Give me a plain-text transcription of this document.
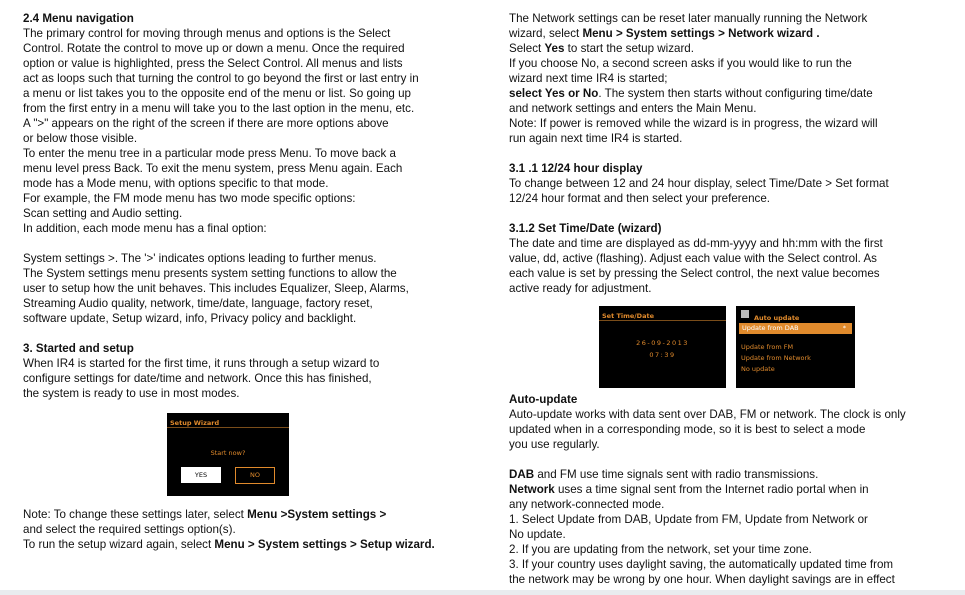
2.4 Menu navigation

The primary control for moving through menus and options is the Select

Control. Rotate the control to move up or down a menu. Once the required

option or value is highlighted, press the Select Control. All menus and lists

act as loops such that turning the control to go beyond the first or last entry in

a menu or list takes you to the opposite end of the menu or list. So going up

from the first entry in a menu will take you to the last option in the menu, etc.

A ">" appears on the right of the screen if there are more options above

or below those visible.

To enter the menu tree in a particular mode press Menu. To move back a

menu level press Back. To exit the menu system, press Menu again. Each

mode has a Mode menu, with options specific to that mode.

For example, the FM mode menu has two mode specific options:

Scan setting and Audio setting.

In addition, each mode menu has a final option:

System settings >. The '>' indicates options leading to further menus.

The System settings menu presents system setting functions to allow the

user to setup how the unit behaves. This includes Equalizer, Sleep, Alarms,

Streaming Audio quality, network, time/date, language, factory reset,

software update, Setup wizard, info, Privacy policy and backlight.

3. Started and setup

When IR4 is started for the first time, it runs through a setup wizard to

configure settings for date/time and network. Once this has finished,

the system is ready to use in most modes.

Note: To change these settings later, select Menu >System settings >

and select the required settings option(s).

To run the setup wizard again, select Menu > System settings > Setup wizard.

Setup Wizard
Start now?
YES	NO

The Network settings can be reset later manually running the Network

wizard, select Menu > System settings > Network wizard .

Select Yes to start the setup wizard.

If you choose No, a second screen asks if you would like to run the

wizard next time IR4 is started;

select Yes or No. The system then starts without configuring time/date

and network settings and enters the Main Menu.

Note: If power is removed while the wizard is in progress, the wizard will

run again next time IR4 is started.

3.1 .1 12/24 hour display

To change between 12 and 24 hour display, select Time/Date > Set format

12/24 hour format and then select your preference.

3.1.2 Set Time/Date (wizard)

The date and time are displayed as dd-mm-yyyy and hh:mm with the first

value, dd, active (flashing). Adjust each value with the Select control. As

each value is set by pressing the Select control, the next value becomes

active ready for adjustment.

Set Time/Date
26-09-2013
07:39
Auto update
Update from DAB	*
Update from FM
Update from Network
No update
Auto-update

Auto-update works with data sent over DAB, FM or network. The clock is only

updated when in a corresponding mode, so it is best to select a mode

you use regularly.

DAB and FM use time signals sent with radio transmissions.

Network uses a time signal sent from the Internet radio portal when in

any network-connected mode.

1. Select Update from DAB, Update from FM, Update from Network or

No update.

2. If you are updating from the network, set your time zone.

3. If your country uses daylight saving, the automatically updated time from

the network may be wrong by one hour. When daylight savings are in effect
